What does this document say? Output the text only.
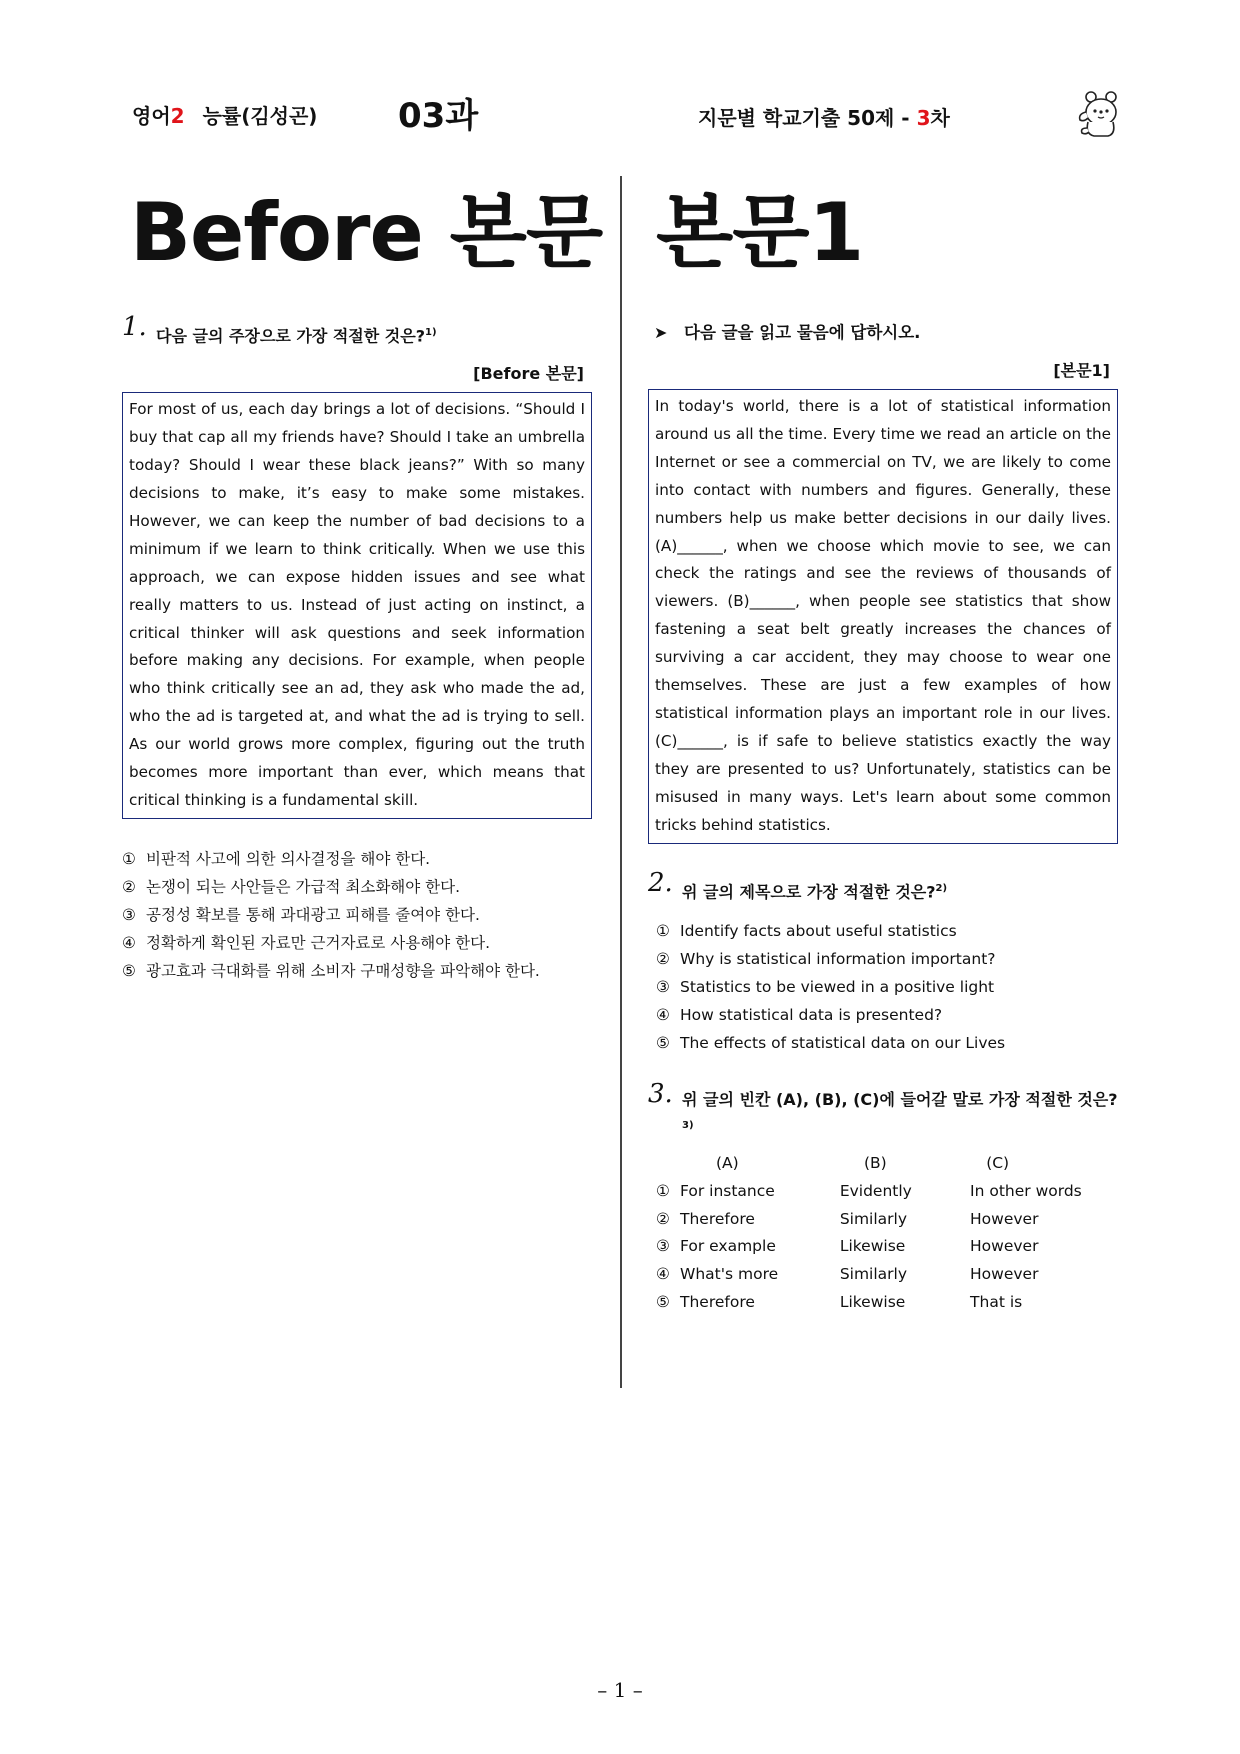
영어2 능률(김성곤) 03과	지문별 학교기출 50제 - 3차
Before 본문 본문1
1. 다음 글의 주장으로 가장 적절한 것은?$^{1)}$
[Before 본문]
For most of us, each day brings a lot of decisions. “Should I buy that cap all my friends have? Should I take an umbrella today? Should I wear these black jeans?” With so many decisions to make, it’s easy to make some mistakes. However, we can keep the number of bad decisions to a minimum if we learn to think critically. When we use this approach, we can expose hidden issues and see what really matters to us. Instead of just acting on instinct, a critical thinker will ask questions and seek information before making any decisions. For example, when people who think critically see an ad, they ask who made the ad, who the ad is targeted at, and what the ad is trying to sell. As our world grows more complex, figuring out the truth becomes more important than ever, which means that critical thinking is a fundamental skill.
① 비판적 사고에 의한 의사결정을 해야 한다.
② 논쟁이 되는 사안들은 가급적 최소화해야 한다.
③ 공정성 확보를 통해 과대광고 피해를 줄여야 한다.
④ 정확하게 확인된 자료만 근거자료로 사용해야 한다.
⑤ 광고효과 극대화를 위해 소비자 구매성향을 파악해야 한다.
➤ 다음 글을 읽고 물음에 답하시오.
[본문1]
In today's world, there is a lot of statistical information around us all the time. Every time we read an article on the Internet or see a commercial on TV, we are likely to come into contact with numbers and figures. Generally, these numbers help us make better decisions in our daily lives. (A)______, when we choose which movie to see, we can check the ratings and see the reviews of thousands of viewers. (B)______, when people see statistics that show fastening a seat belt greatly increases the chances of surviving a car accident, they may choose to wear one themselves. These are just a few examples of how statistical information plays an important role in our lives. (C)______, is if safe to believe statistics exactly the way they are presented to us? Unfortunately, statistics can be misused in many ways. Let's learn about some common tricks behind statistics.
2. 위 글의 제목으로 가장 적절한 것은?$^{2)}$
① Identify facts about useful statistics
② Why is statistical information important?
③ Statistics to be viewed in a positive light
④ How statistical data is presented?
⑤ The effects of statistical data on our Lives
3. 위 글의 빈칸 (A), (B), (C)에 들어갈 말로 가장 적절한 것은?$^{3)}$
(A)	(B)	(C)
① For instance	Evidently	In other words
② Therefore	Similarly	However
③ For example	Likewise	However
④ What's more	Similarly	However
⑤ Therefore	Likewise	That is
– 1 –
